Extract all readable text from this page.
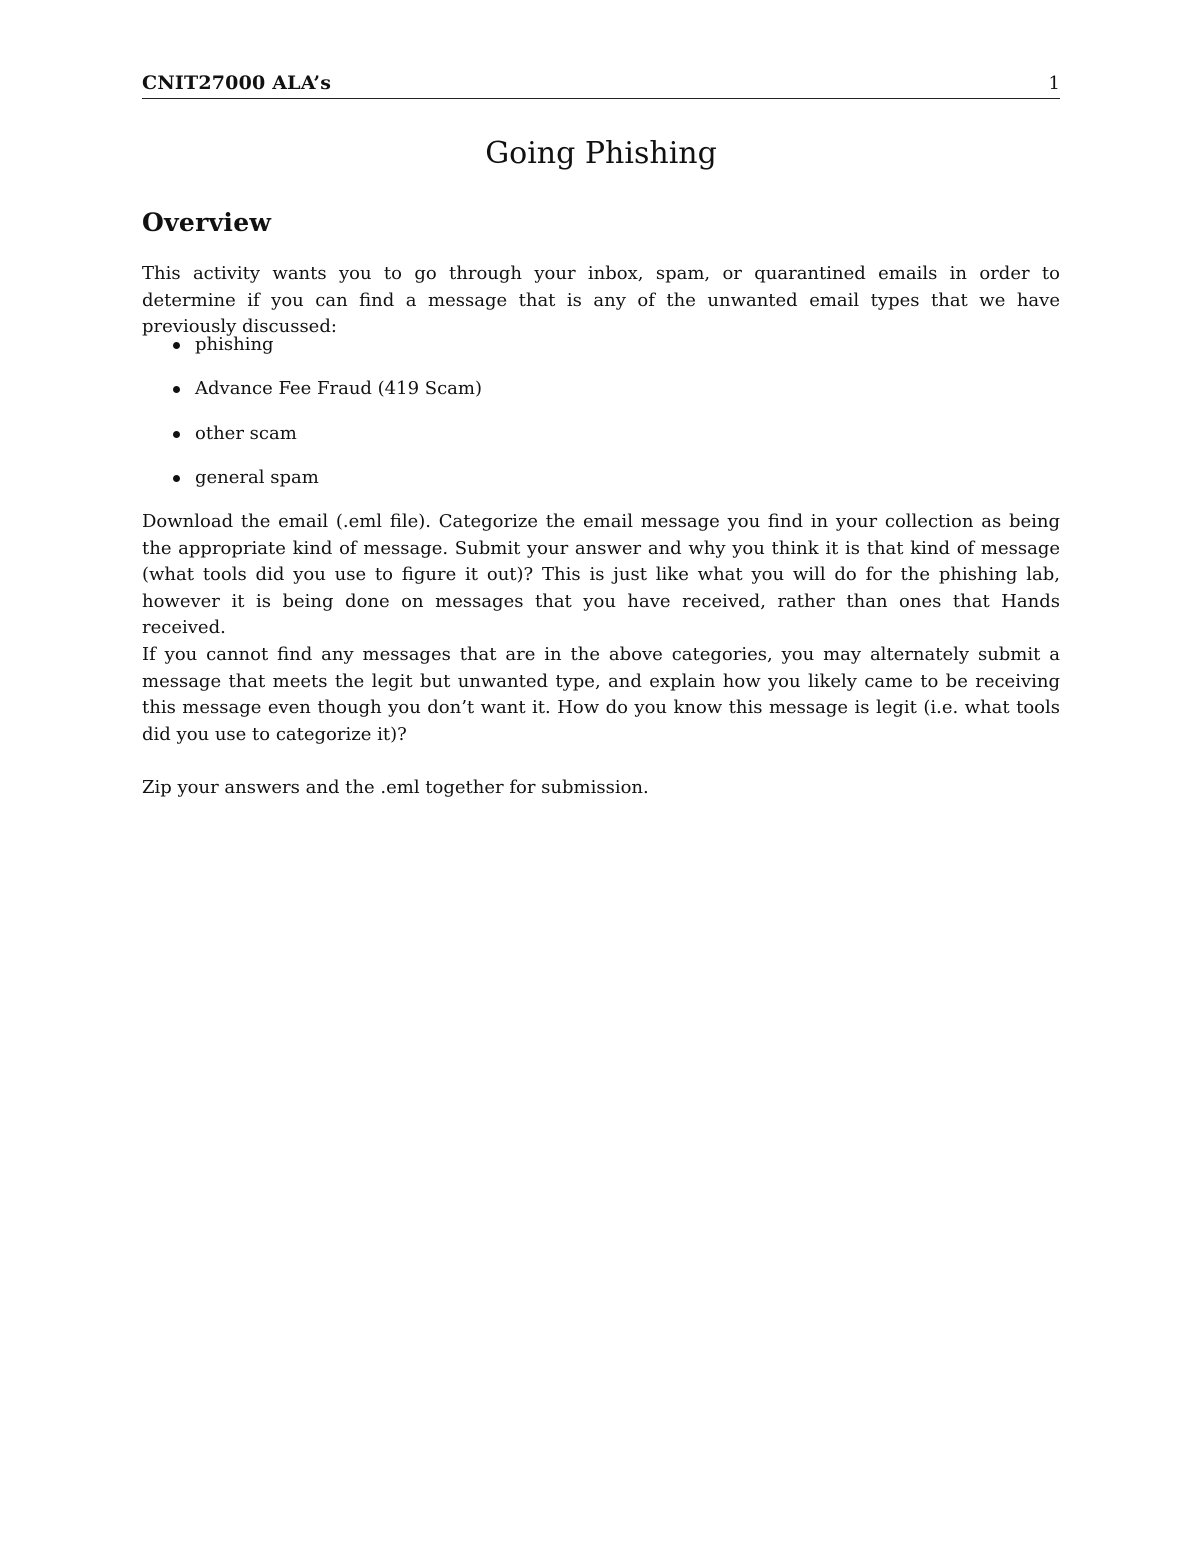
CNIT27000 ALA’s	1
Going Phishing
Overview

This activity wants you to go through your inbox, spam, or quarantined emails in order to determine if you can find a message that is any of the unwanted email types that we have previously discussed:

phishing
Advance Fee Fraud (419 Scam)
other scam
general spam

Download the email (.eml file). Categorize the email message you find in your collection as being the appropriate kind of message. Submit your answer and why you think it is that kind of message (what tools did you use to figure it out)? This is just like what you will do for the phishing lab, however it is being done on messages that you have received, rather than ones that Hands received.

If you cannot find any messages that are in the above categories, you may alternately submit a message that meets the legit but unwanted type, and explain how you likely came to be receiving this message even though you don’t want it. How do you know this message is legit (i.e. what tools did you use to categorize it)?

Zip your answers and the .eml together for submission.
